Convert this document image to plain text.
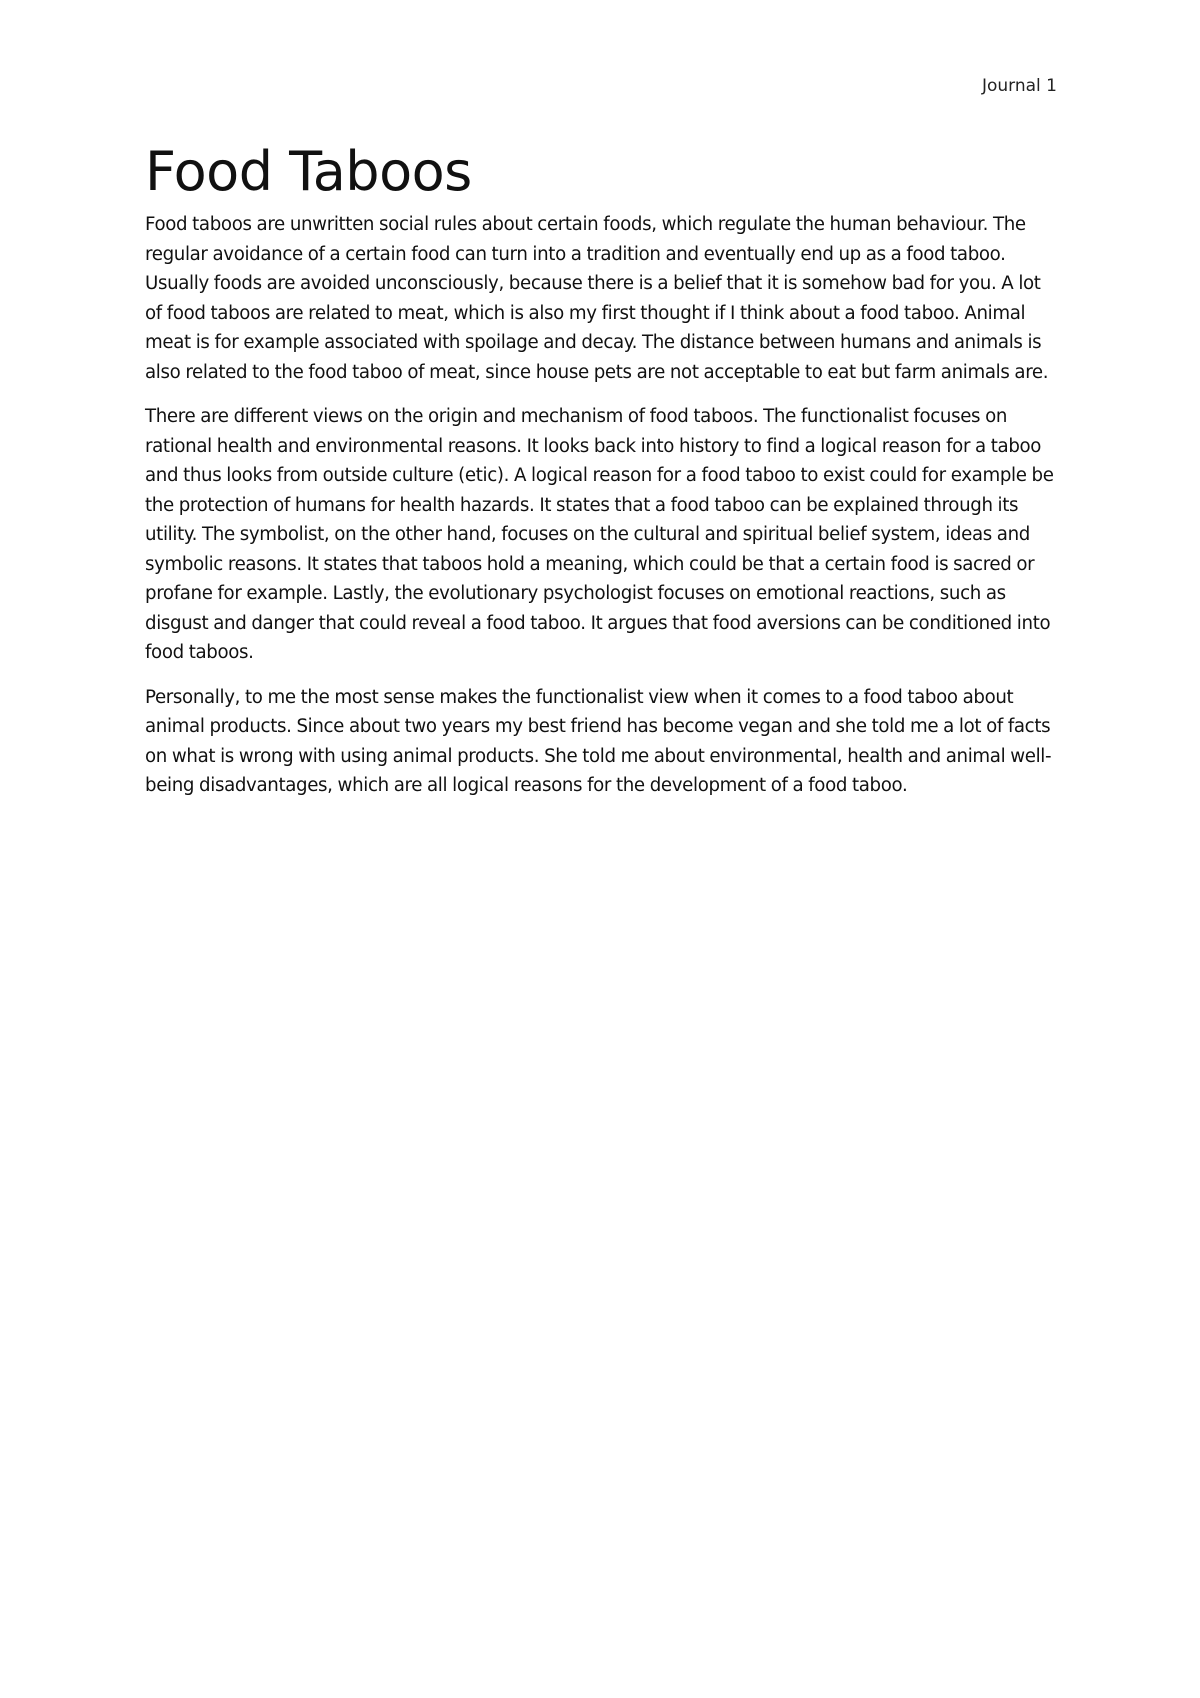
Journal 1
Food Taboos

Food taboos are unwritten social rules about certain foods, which regulate the human behaviour. The regular avoidance of a certain food can turn into a tradition and eventually end up as a food taboo. Usually foods are avoided unconsciously, because there is a belief that it is somehow bad for you. A lot of food taboos are related to meat, which is also my first thought if I think about a food taboo. Animal meat is for example associated with spoilage and decay. The distance between humans and animals is also related to the food taboo of meat, since house pets are not acceptable to eat but farm animals are.

There are different views on the origin and mechanism of food taboos. The functionalist focuses on rational health and environmental reasons. It looks back into history to find a logical reason for a taboo and thus looks from outside culture (etic). A logical reason for a food taboo to exist could for example be the protection of humans for health hazards. It states that a food taboo can be explained through its utility. The symbolist, on the other hand, focuses on the cultural and spiritual belief system, ideas and symbolic reasons. It states that taboos hold a meaning, which could be that a certain food is sacred or profane for example. Lastly, the evolutionary psychologist focuses on emotional reactions, such as disgust and danger that could reveal a food taboo. It argues that food aversions can be conditioned into food taboos.

Personally, to me the most sense makes the functionalist view when it comes to a food taboo about animal products. Since about two years my best friend has become vegan and she told me a lot of facts on what is wrong with using animal products. She told me about environmental, health and animal well-being disadvantages, which are all logical reasons for the development of a food taboo.
